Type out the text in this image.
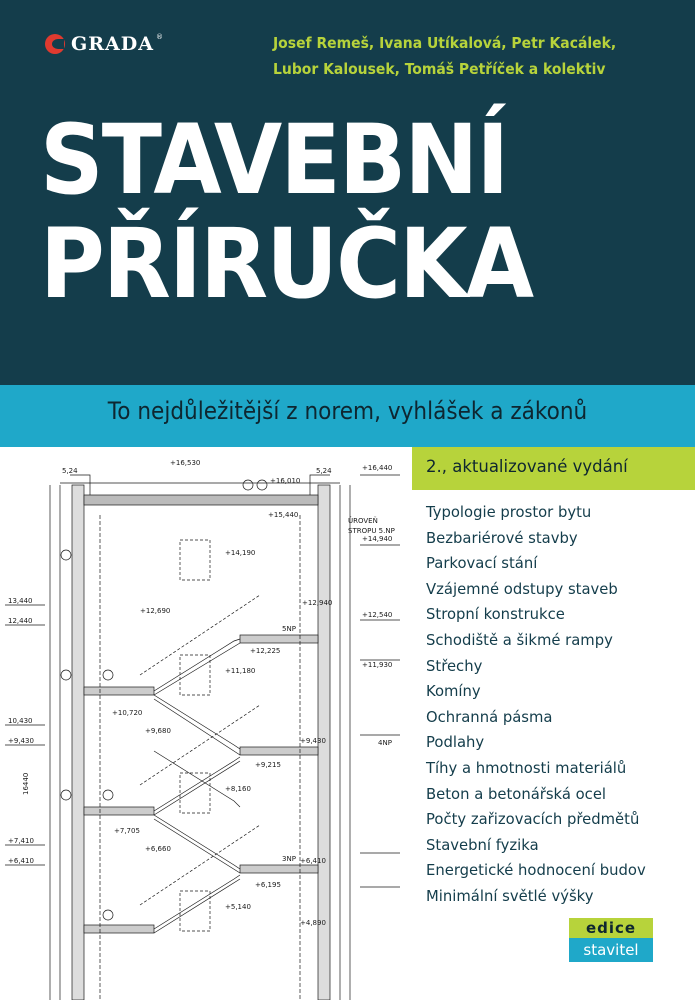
GRADA ®	Josef Remeš, Ivana Utíkalová, Petr Kacálek,
Lubor Kalousek, Tomáš Petříček a kolektiv
STAVEBNÍ
PŘÍRUČKA
To nejdůležitější z norem, vyhlášek a zákonů
2., aktualizované vydání
Typologie prostor bytu
Bezbariérové stavby
Parkovací stání
Vzájemné odstupy staveb
Stropní konstrukce
Schodiště a šikmé rampy
Střechy
Komíny
Ochranná pásma
Podlahy
Tíhy a hmotnosti materiálů
Beton a betonářská ocel
Počty zařizovacích předmětů
Stavební fyzika
Energetické hodnocení budov
Minimální světlé výšky
5,24	5,24
+16,530
+16,440
+16,010
+15,440
+14,940
+14,190
+12,940
+12,690	+12,540
+12,225
+11,930
+11,180
+10,720
+9,680
+9,430
+9,215
+8,160
+7,705
+6,660
+6,410
+6,195
+5,140
+4,890
13,440
12,440
10,430
+9,430
+7,410
+6,410
ÚROVEŇ
STROPU 5.NP
5NP
4NP
3NP
16440
edice
stavitel
